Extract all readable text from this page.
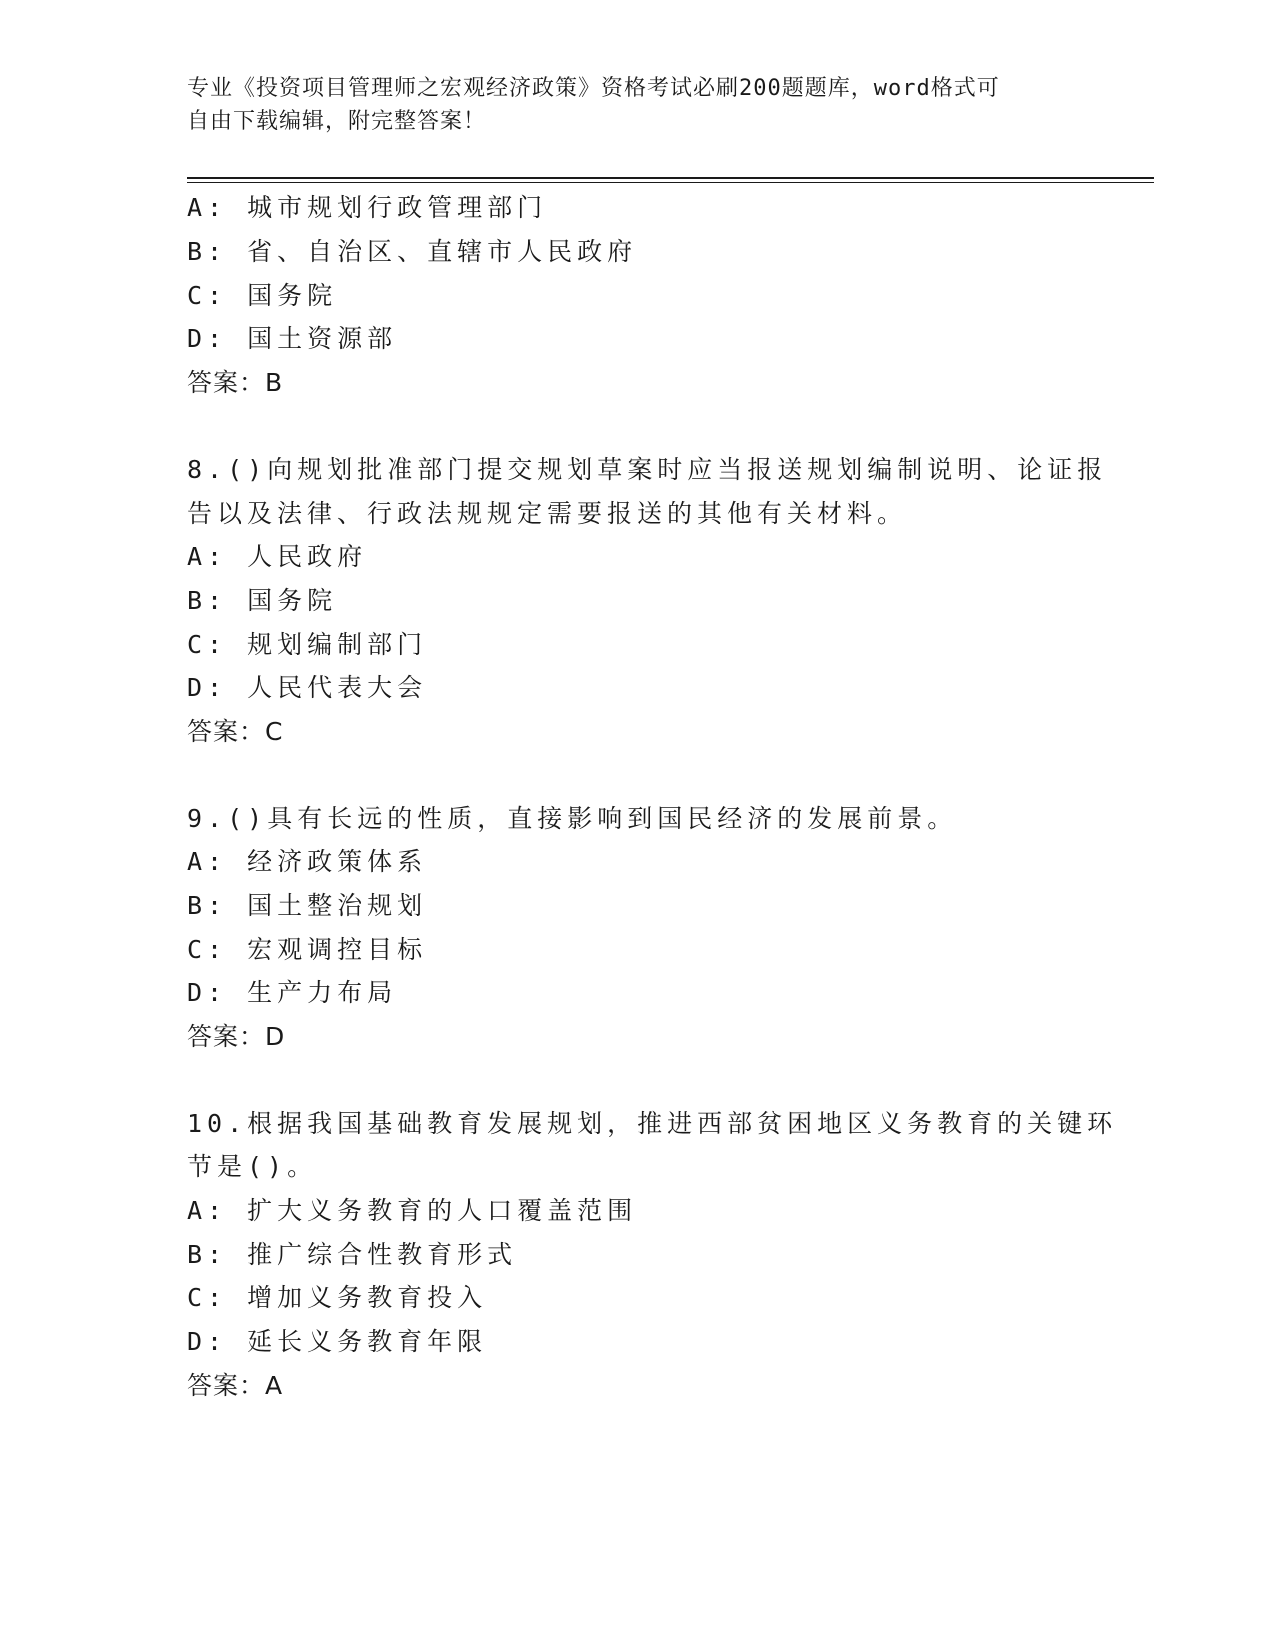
专业《投资项目管理师之宏观经济政策》资格考试必刷200题题库，word格式可
自由下载编辑，附完整答案！
A: 城市规划行政管理部门
B: 省、自治区、直辖市人民政府
C: 国务院
D: 国土资源部
答案：B
8.()向规划批准部门提交规划草案时应当报送规划编制说明、论证报
告以及法律、行政法规规定需要报送的其他有关材料。
A: 人民政府
B: 国务院
C: 规划编制部门
D: 人民代表大会
答案：C
9.()具有长远的性质，直接影响到国民经济的发展前景。
A: 经济政策体系
B: 国土整治规划
C: 宏观调控目标
D: 生产力布局
答案：D
10.根据我国基础教育发展规划，推进西部贫困地区义务教育的关键环
节是()。
A: 扩大义务教育的人口覆盖范围
B: 推广综合性教育形式
C: 增加义务教育投入
D: 延长义务教育年限
答案：A
